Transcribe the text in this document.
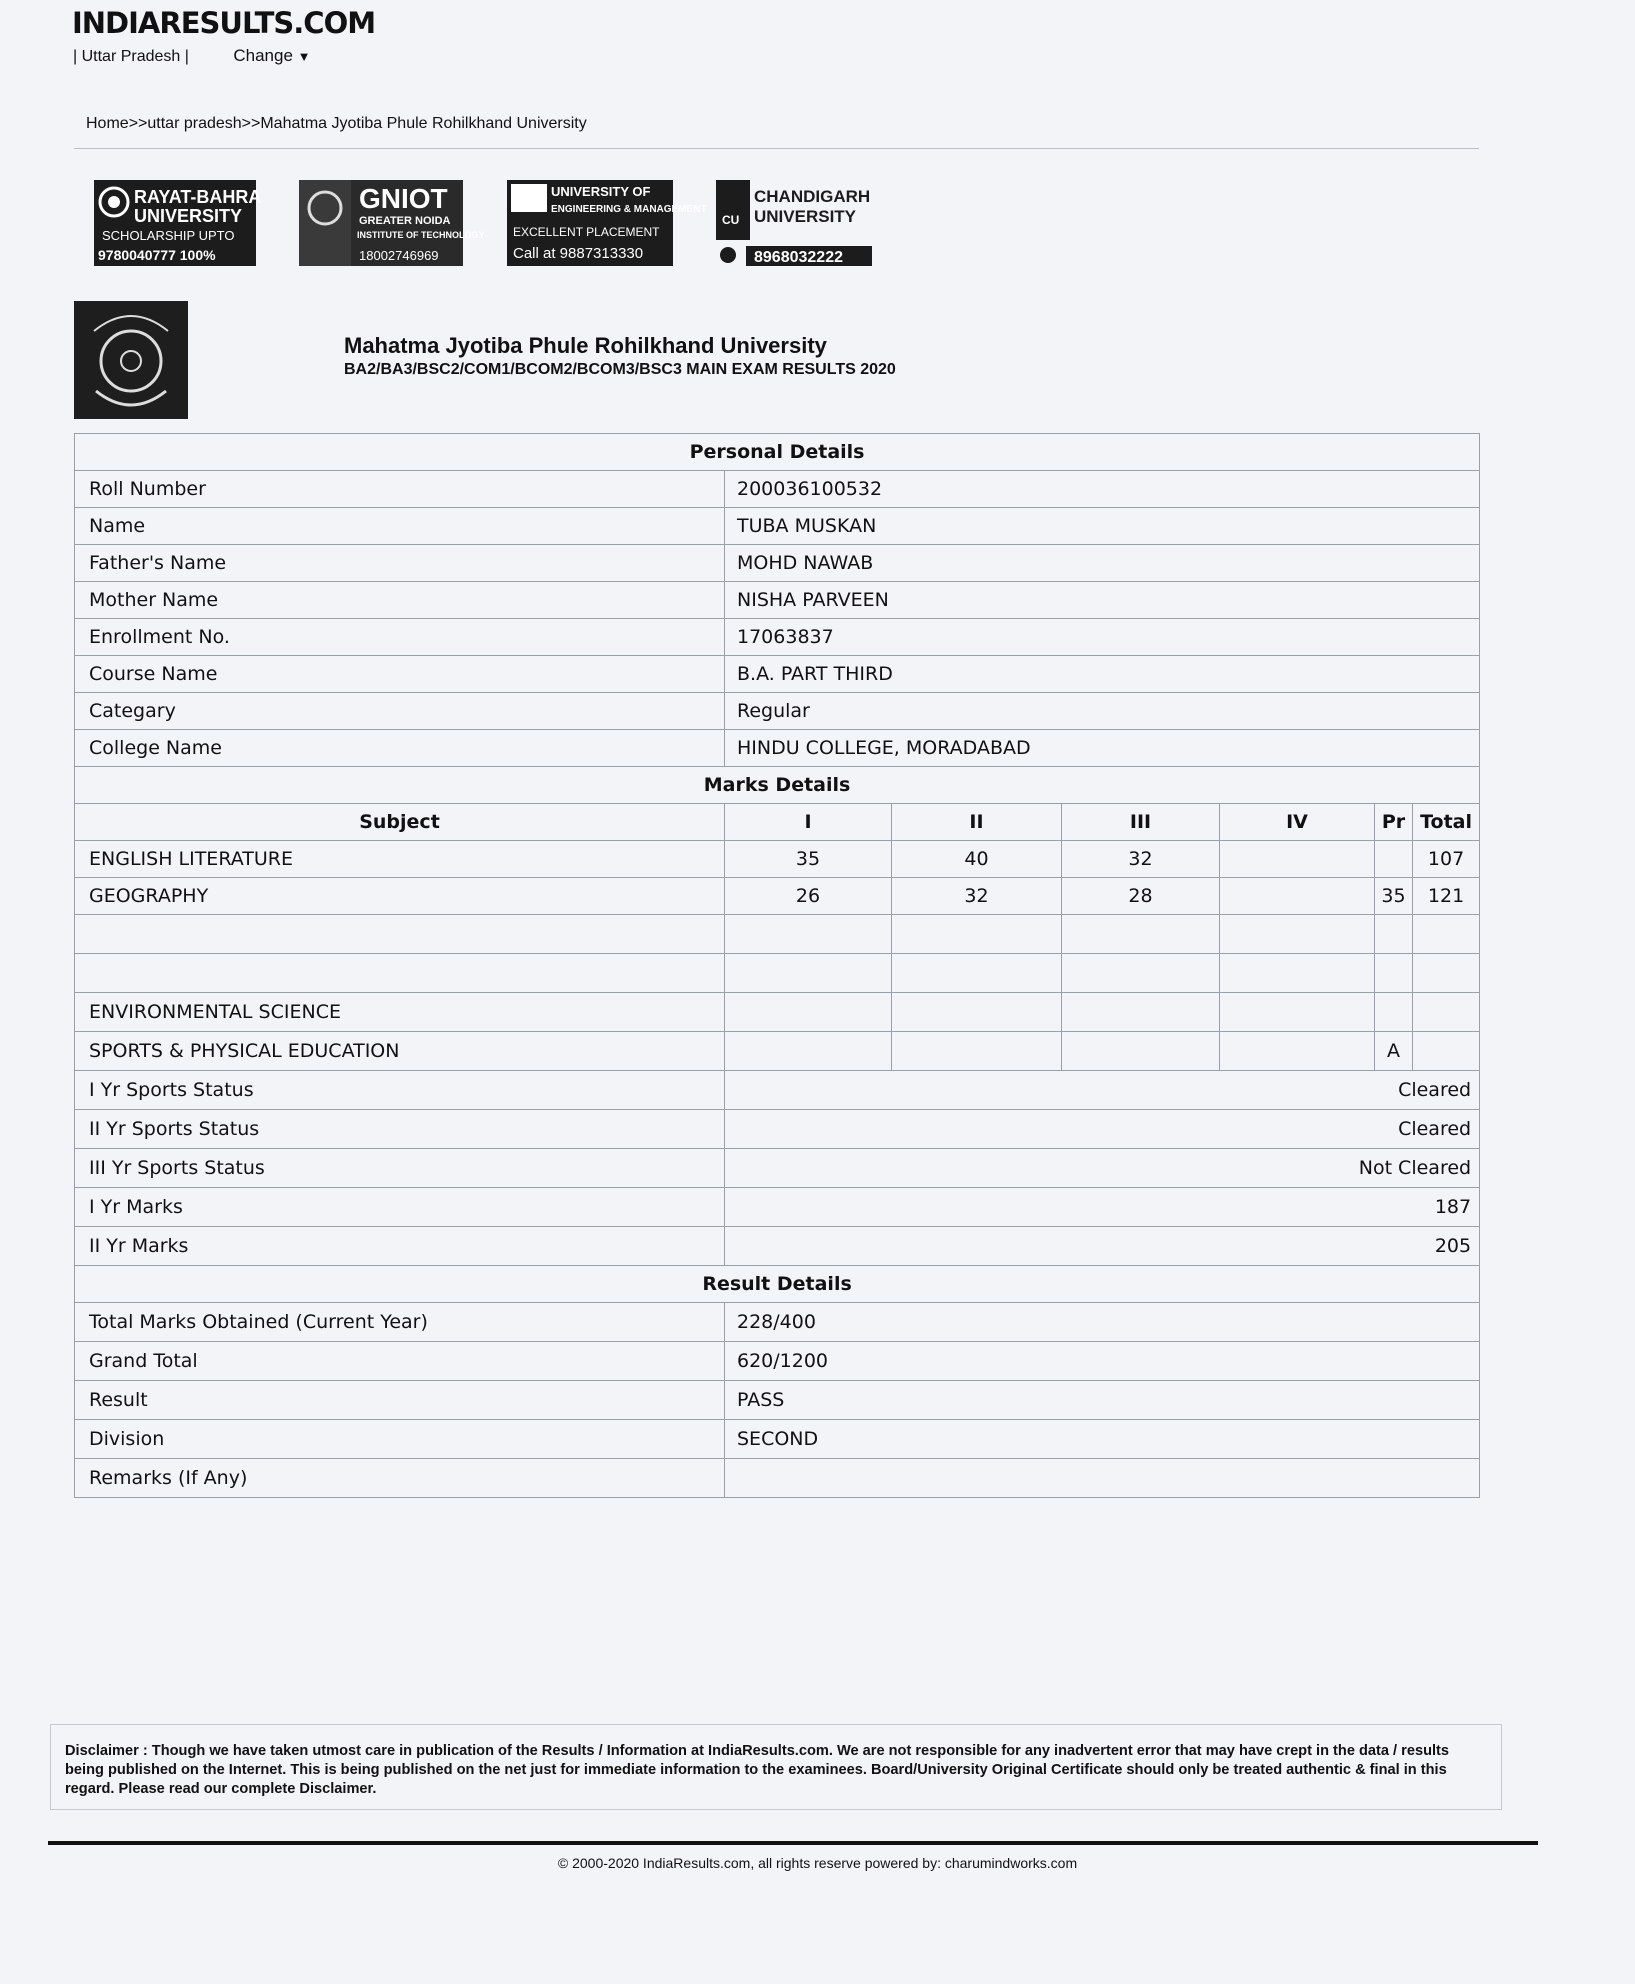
INDIARESULTS.COM
| Uttar Pradesh |	Change ▼
Home>>uttar pradesh>>Mahatma Jyotiba Phule Rohilkhand University
RAYAT-BAHRA
UNIVERSITY
SCHOLARSHIP UPTO
9780040777 100%
GNIOT
GREATER NOIDA
INSTITUTE OF TECHNOLOGY
18002746969
UNIVERSITY OF
ENGINEERING & MANAGEMENT
EXCELLENT PLACEMENT
Call at 9887313330
CU
CHANDIGARH
UNIVERSITY
8968032222
Mahatma Jyotiba Phule Rohilkhand University
BA2/BA3/BSC2/COM1/BCOM2/BCOM3/BSC3 MAIN EXAM RESULTS 2020
Personal Details						
Roll Number	200036100532					
Name	TUBA MUSKAN					
Father's Name	MOHD NAWAB					
Mother Name	NISHA PARVEEN					
Enrollment No.	17063837					
Course Name	B.A. PART THIRD					
Categary	Regular					
College Name	HINDU COLLEGE, MORADABAD					
Marks Details						
Subject	I	II	III	IV	Pr	Total
ENGLISH LITERATURE	35	40	32			107
GEOGRAPHY	26	32	28		35	121

ENVIRONMENTAL SCIENCE						
SPORTS & PHYSICAL EDUCATION					A	
I Yr Sports Status	Cleared					
II Yr Sports Status	Cleared					
III Yr Sports Status	Not Cleared					
I Yr Marks	187					
II Yr Marks	205					
Result Details						
Total Marks Obtained (Current Year)	228/400					
Grand Total	620/1200					
Result	PASS					
Division	SECOND					
Remarks (If Any)						
Disclaimer : Though we have taken utmost care in publication of the Results / Information at IndiaResults.com. We are not responsible for any inadvertent error that may have crept in the data / results being published on the Internet. This is being published on the net just for immediate information to the examinees. Board/University Original Certificate should only be treated authentic & final in this regard. Please read our complete Disclaimer.
© 2000-2020 IndiaResults.com, all rights reserve powered by: charumindworks.com
